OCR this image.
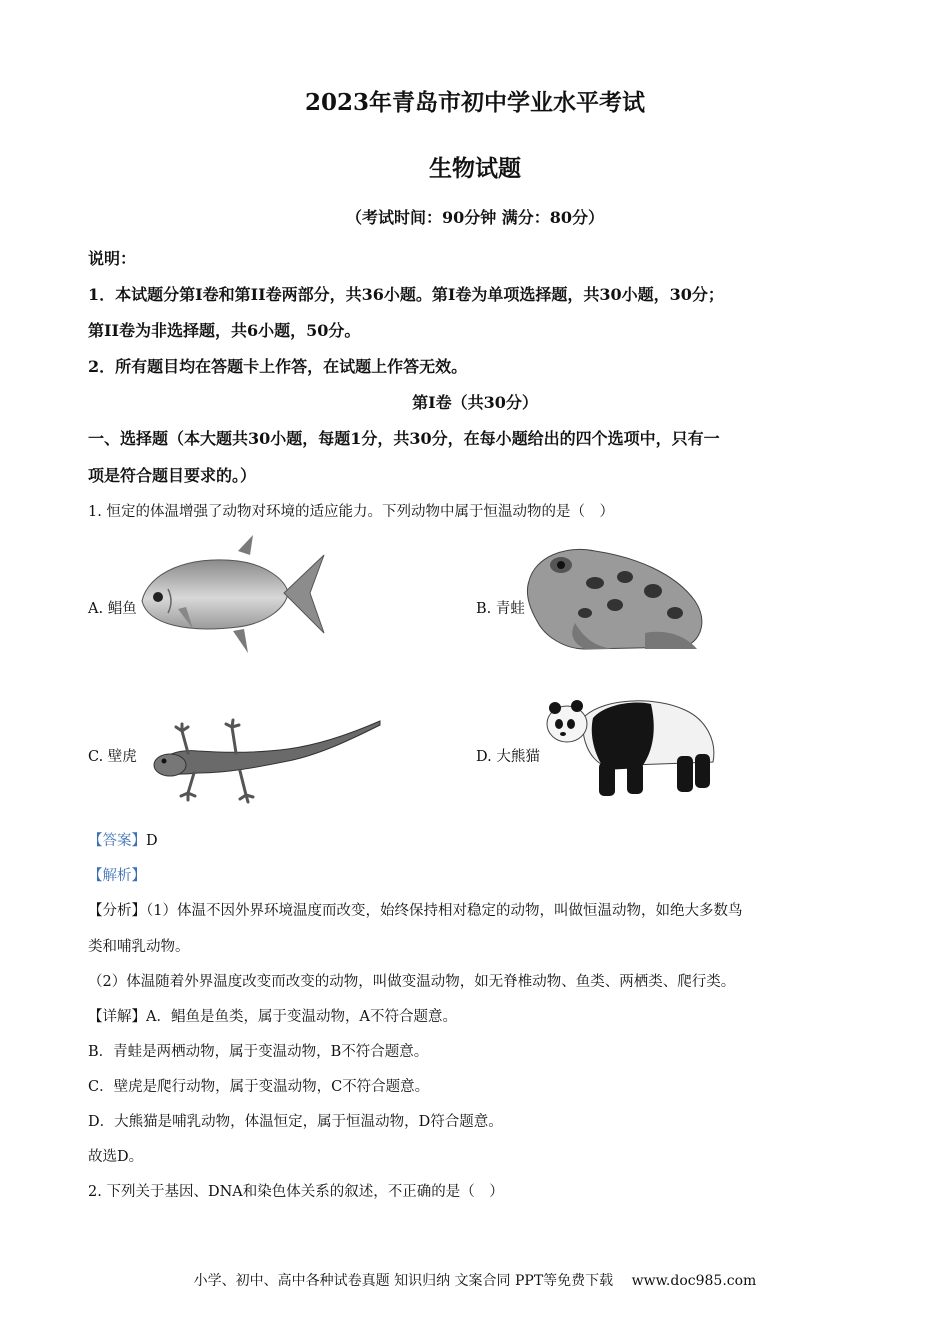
2023年青岛市初中学业水平考试
生物试题
（考试时间：90分钟 满分：80分）
说明：
1．本试题分第I卷和第II卷两部分，共36小题。第I卷为单项选择题，共30小题，30分；
第II卷为非选择题，共6小题，50分。
2．所有题目均在答题卡上作答，在试题上作答无效。
第I卷（共30分）
一、选择题（本大题共30小题，每题1分，共30分，在每小题给出的四个选项中，只有一
项是符合题目要求的。）
1. 恒定的体温增强了动物对环境的适应能力。下列动物中属于恒温动物的是（　）
A. 鲳鱼	B. 青蛙
C. 壁虎	D. 大熊猫
【答案】D
【解析】
【分析】（1）体温不因外界环境温度而改变，始终保持相对稳定的动物，叫做恒温动物，如绝大多数鸟
类和哺乳动物。
（2）体温随着外界温度改变而改变的动物，叫做变温动物，如无脊椎动物、鱼类、两栖类、爬行类。
【详解】A．鲳鱼是鱼类，属于变温动物，A不符合题意。
B．青蛙是两栖动物，属于变温动物，B不符合题意。
C．壁虎是爬行动物，属于变温动物，C不符合题意。
D．大熊猫是哺乳动物，体温恒定，属于恒温动物，D符合题意。
故选D。
2. 下列关于基因、DNA和染色体关系的叙述，不正确的是（　）
小学、初中、高中各种试卷真题 知识归纳 文案合同 PPT等免费下载　 www.doc985.com
